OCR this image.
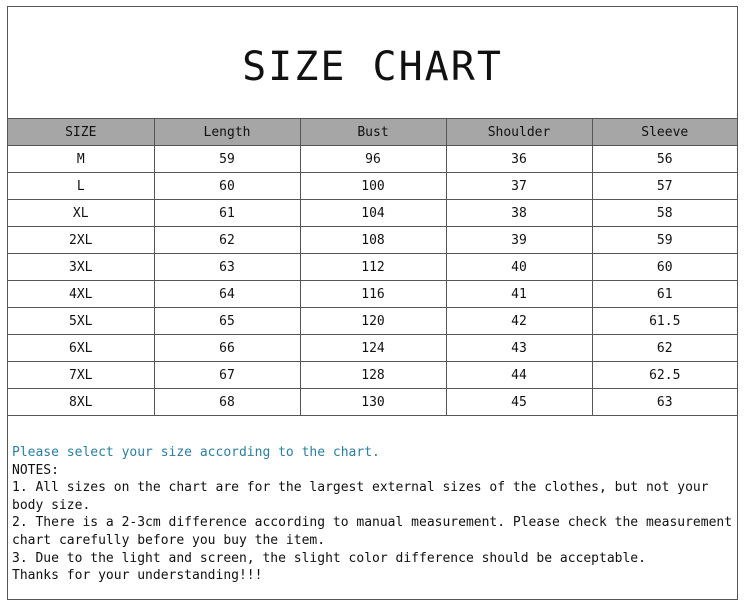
SIZE CHART
SIZE	Length	Bust	Shoulder	Sleeve
M	59	96	36	56
L	60	100	37	57
XL	61	104	38	58
2XL	62	108	39	59
3XL	63	112	40	60
4XL	64	116	41	61
5XL	65	120	42	61.5
6XL	66	124	43	62
7XL	67	128	44	62.5
8XL	68	130	45	63

Please select your size according to the chart.

NOTES:

1. All sizes on the chart are for the largest external sizes of the clothes, but not your body size.

2. There is a 2-3cm difference according to manual measurement. Please check the measurement chart carefully before you buy the item.

3. Due to the light and screen, the slight color difference should be acceptable.

Thanks for your understanding!!!
